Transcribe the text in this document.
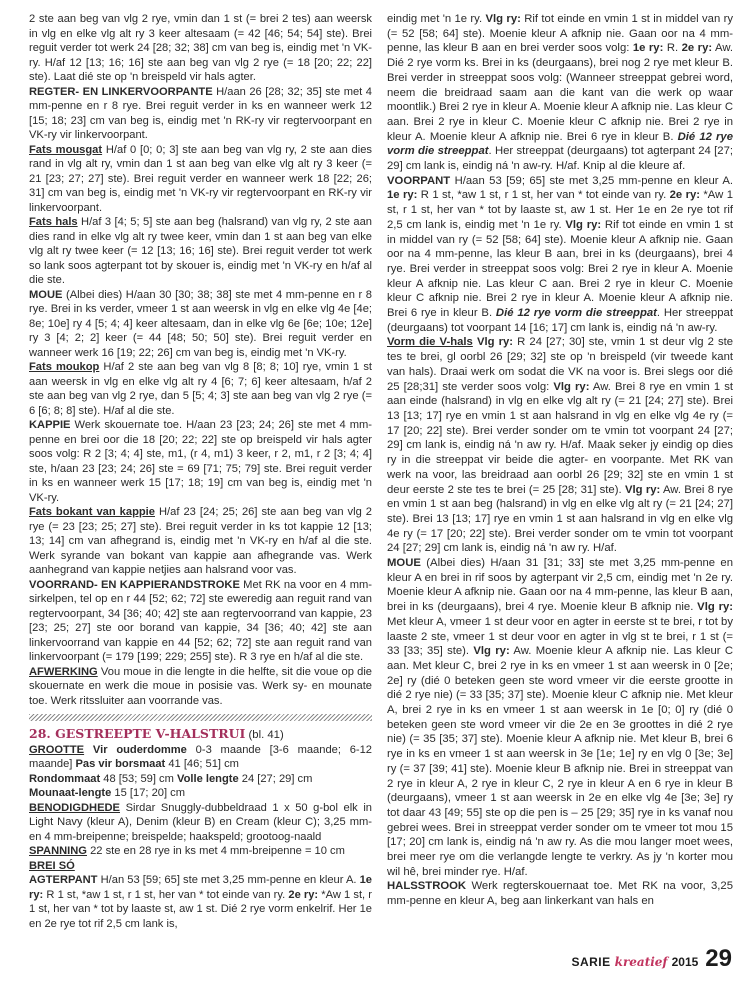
2 ste aan beg van vlg 2 rye, vmin dan 1 st (= brei 2 tes) aan weersk in vlg en elke vlg alt ry 3 keer altesaam (= 42 [46; 54; 54] ste). Brei reguit verder tot werk 24 [28; 32; 38] cm van beg is, eindig met 'n VK-ry. H/af 12 [13; 16; 16] ste aan beg van vlg 2 rye (= 18 [20; 22; 22] ste). Laat dié ste op 'n breispeld vir hals agter.

REGTER- EN LINKERVOORPANTE H/aan 26 [28; 32; 35] ste met 4 mm-penne en r 8 rye. Brei reguit verder in ks en wanneer werk 12 [15; 18; 23] cm van beg is, eindig met 'n RK-ry vir regtervoorpant en VK-ry vir linkervoorpant.

Fats mousgat H/af 0 [0; 0; 3] ste aan beg van vlg ry, 2 ste aan dies rand in vlg alt ry, vmin dan 1 st aan beg van elke vlg alt ry 3 keer (= 21 [23; 27; 27] ste). Brei reguit verder en wanneer werk 18 [22; 26; 31] cm van beg is, eindig met 'n VK-ry vir regtervoorpant en RK-ry vir linkervoorpant.

Fats hals H/af 3 [4; 5; 5] ste aan beg (halsrand) van vlg ry, 2 ste aan dies rand in elke vlg alt ry twee keer, vmin dan 1 st aan beg van elke vlg alt ry twee keer (= 12 [13; 16; 16] ste). Brei reguit verder tot werk so lank soos agterpant tot by skouer is, eindig met 'n VK-ry en h/af al die ste.

MOUE (Albei dies) H/aan 30 [30; 38; 38] ste met 4 mm-penne en r 8 rye. Brei in ks verder, vmeer 1 st aan weersk in vlg en elke vlg 4e [4e; 8e; 10e] ry 4 [5; 4; 4] keer altesaam, dan in elke vlg 6e [6e; 10e; 12e] ry 3 [4; 2; 2] keer (= 44 [48; 50; 50] ste). Brei reguit verder en wanneer werk 16 [19; 22; 26] cm van beg is, eindig met 'n VK-ry.

Fats moukop H/af 2 ste aan beg van vlg 8 [8; 8; 10] rye, vmin 1 st aan weersk in vlg en elke vlg alt ry 4 [6; 7; 6] keer altesaam, h/af 2 ste aan beg van vlg 2 rye, dan 5 [5; 4; 3] ste aan beg van vlg 2 rye (= 6 [6; 8; 8] ste). H/af al die ste.

KAPPIE Werk skouernate toe. H/aan 23 [23; 24; 26] ste met 4 mm-penne en brei oor die 18 [20; 22; 22] ste op breispeld vir hals agter soos volg: R 2 [3; 4; 4] ste, m1, (r 4, m1) 3 keer, r 2, m1, r 2 [3; 4; 4] ste, h/aan 23 [23; 24; 26] ste = 69 [71; 75; 79] ste. Brei reguit verder in ks en wanneer werk 15 [17; 18; 19] cm van beg is, eindig met 'n VK-ry.

Fats bokant van kappie H/af 23 [24; 25; 26] ste aan beg van vlg 2 rye (= 23 [23; 25; 27] ste). Brei reguit verder in ks tot kappie 12 [13; 13; 14] cm van afhegrand is, eindig met 'n VK-ry en h/af al die ste. Werk syrande van bokant van kappie aan afhegrande vas. Werk aanhegrand van kappie netjies aan halsrand voor vas.

VOORRAND- EN KAPPIERANDSTROKE Met RK na voor en 4 mm-sirkelpen, tel op en r 44 [52; 62; 72] ste eweredig aan reguit rand van regtervoorpant, 34 [36; 40; 42] ste aan regtervoorrand van kappie, 23 [23; 25; 27] ste oor borand van kappie, 34 [36; 40; 42] ste aan linkervoorrand van kappie en 44 [52; 62; 72] ste aan reguit rand van linkervoorpant (= 179 [199; 229; 255] ste). R 3 rye en h/af al die ste.

AFWERKING Vou moue in die lengte in die helfte, sit die voue op die skouernate en werk die moue in posisie vas. Werk sy- en mounate toe. Werk ritssluiter aan voorrande vas.

28. GESTREEPTE V-HALSTRUI (bl. 41)

GROOTTE Vir ouderdomme 0-3 maande [3-6 maande; 6-12 maande] Pas vir borsmaat 41 [46; 51] cm

Rondommaat 48 [53; 59] cm Volle lengte 24 [27; 29] cm

Mounaat-lengte 15 [17; 20] cm

BENODIGDHEDE Sirdar Snuggly-dubbeldraad 1 x 50 g-bol elk in Light Navy (kleur A), Denim (kleur B) en Cream (kleur C); 3,25 mm- en 4 mm-breipenne; breispelde; haakspeld; grootoog-naald

SPANNING 22 ste en 28 rye in ks met 4 mm-breipenne = 10 cm

BREI SÓ

AGTERPANT H/an 53 [59; 65] ste met 3,25 mm-penne en kleur A. 1e ry: R 1 st, *aw 1 st, r 1 st, her van * tot einde van ry. 2e ry: *Aw 1 st, r 1 st, her van * tot by laaste st, aw 1 st. Dié 2 rye vorm enkelrif. Her 1e en 2e rye tot rif 2,5 cm lank is,

eindig met 'n 1e ry. Vlg ry: Rif tot einde en vmin 1 st in middel van ry (= 52 [58; 64] ste). Moenie kleur A afknip nie. Gaan oor na 4 mm-penne, las kleur B aan en brei verder soos volg: 1e ry: R. 2e ry: Aw. Dié 2 rye vorm ks. Brei in ks (deurgaans), brei nog 2 rye met kleur B. Brei verder in streeppat soos volg: (Wanneer streeppat gebrei word, neem die breidraad saam aan die kant van die werk op waar moontlik.) Brei 2 rye in kleur A. Moenie kleur A afknip nie. Las kleur C aan. Brei 2 rye in kleur C. Moenie kleur C afknip nie. Brei 2 rye in kleur A. Moenie kleur A afknip nie. Brei 6 rye in kleur B. Dié 12 rye vorm die streeppat. Her streeppat (deurgaans) tot agterpant 24 [27; 29] cm lank is, eindig ná 'n aw-ry. H/af. Knip al die kleure af.

VOORPANT H/aan 53 [59; 65] ste met 3,25 mm-penne en kleur A. 1e ry: R 1 st, *aw 1 st, r 1 st, her van * tot einde van ry. 2e ry: *Aw 1 st, r 1 st, her van * tot by laaste st, aw 1 st. Her 1e en 2e rye tot rif 2,5 cm lank is, eindig met 'n 1e ry. Vlg ry: Rif tot einde en vmin 1 st in middel van ry (= 52 [58; 64] ste). Moenie kleur A afknip nie. Gaan oor na 4 mm-penne, las kleur B aan, brei in ks (deurgaans), brei 4 rye. Brei verder in streeppat soos volg: Brei 2 rye in kleur A. Moenie kleur A afknip nie. Las kleur C aan. Brei 2 rye in kleur C. Moenie kleur C afknip nie. Brei 2 rye in kleur A. Moenie kleur A afknip nie. Brei 6 rye in kleur B. Dié 12 rye vorm die streeppat. Her streeppat (deurgaans) tot voorpant 14 [16; 17] cm lank is, eindig ná 'n aw-ry.

Vorm die V-hals Vlg ry: R 24 [27; 30] ste, vmin 1 st deur vlg 2 ste tes te brei, gl oorbl 26 [29; 32] ste op 'n breispeld (vir tweede kant van hals). Draai werk om sodat die VK na voor is. Brei slegs oor dié 25 [28;31] ste verder soos volg: Vlg ry: Aw. Brei 8 rye en vmin 1 st aan einde (halsrand) in vlg en elke vlg alt ry (= 21 [24; 27] ste). Brei 13 [13; 17] rye en vmin 1 st aan halsrand in vlg en elke vlg 4e ry (= 17 [20; 22] ste). Brei verder sonder om te vmin tot voorpant 24 [27; 29] cm lank is, eindig ná 'n aw ry. H/af. Maak seker jy eindig op dies ry in die streeppat vir beide die agter- en voorpante. Met RK van werk na voor, las breidraad aan oorbl 26 [29; 32] ste en vmin 1 st deur eerste 2 ste tes te brei (= 25 [28; 31] ste). Vlg ry: Aw. Brei 8 rye en vmin 1 st aan beg (halsrand) in vlg en elke vlg alt ry (= 21 [24; 27] ste). Brei 13 [13; 17] rye en vmin 1 st aan halsrand in vlg en elke vlg 4e ry (= 17 [20; 22] ste). Brei verder sonder om te vmin tot voorpant 24 [27; 29] cm lank is, eindig ná 'n aw ry. H/af.

MOUE (Albei dies) H/aan 31 [31; 33] ste met 3,25 mm-penne en kleur A en brei in rif soos by agterpant vir 2,5 cm, eindig met 'n 2e ry. Moenie kleur A afknip nie. Gaan oor na 4 mm-penne, las kleur B aan, brei in ks (deurgaans), brei 4 rye. Moenie kleur B afknip nie. Vlg ry: Met kleur A, vmeer 1 st deur voor en agter in eerste st te brei, r tot by laaste 2 ste, vmeer 1 st deur voor en agter in vlg st te brei, r 1 st (= 33 [33; 35] ste). Vlg ry: Aw. Moenie kleur A afknip nie. Las kleur C aan. Met kleur C, brei 2 rye in ks en vmeer 1 st aan weersk in 0 [2e; 2e] ry (dié 0 beteken geen ste word vmeer vir die eerste grootte in dié 2 rye nie) (= 33 [35; 37] ste). Moenie kleur C afknip nie. Met kleur A, brei 2 rye in ks en vmeer 1 st aan weersk in 1e [0; 0] ry (dié 0 beteken geen ste word vmeer vir die 2e en 3e groottes in dié 2 rye nie) (= 35 [35; 37] ste). Moenie kleur A afknip nie. Met kleur B, brei 6 rye in ks en vmeer 1 st aan weersk in 3e [1e; 1e] ry en vlg 0 [3e; 3e] ry (= 37 [39; 41] ste). Moenie kleur B afknip nie. Brei in streeppat van 2 rye in kleur A, 2 rye in kleur C, 2 rye in kleur A en 6 rye in kleur B (deurgaans), vmeer 1 st aan weersk in 2e en elke vlg 4e [3e; 3e] ry tot daar 43 [49; 55] ste op die pen is – 25 [29; 35] rye in ks vanaf nou gebrei wees. Brei in streeppat verder sonder om te vmeer tot mou 15 [17; 20] cm lank is, eindig ná 'n aw ry. As die mou langer moet wees, brei meer rye om die verlangde lengte te verkry. As jy 'n korter mou wil hê, brei minder rye. H/af.

HALSSTROOK Werk regterskouernaat toe. Met RK na voor, 3,25 mm-penne en kleur A, beg aan linkerkant van hals en

SARIE kreatief 2015 29
